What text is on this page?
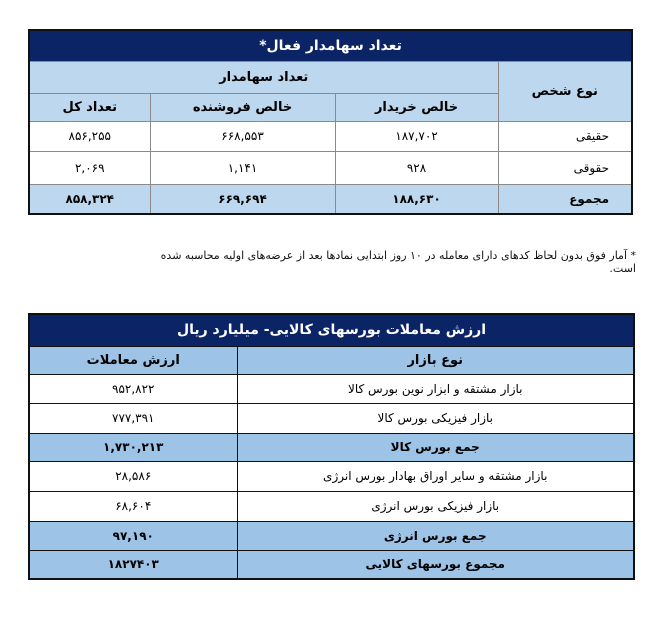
تعداد سهامدار فعال*			
نوع شخص	تعداد سهامدار		
	خالص خریدار	خالص فروشنده	تعداد کل
حقیقی	۱۸۷,۷۰۲	۶۶۸,۵۵۳	۸۵۶,۲۵۵
حقوقی	۹۲۸	۱,۱۴۱	۲,۰۶۹
مجموع	۱۸۸,۶۳۰	۶۶۹,۶۹۴	۸۵۸,۳۲۴
* آمار فوق بدون لحاظ کدهای دارای معامله در ۱۰ روز ابتدایی نمادها بعد از عرضه‌های اولیه محاسبه شده است.
ارزش معاملات بورسهای کالایی- میلیارد ریال	
نوع بازار	ارزش معاملات
بازار مشتقه و ابزار نوین بورس کالا	۹۵۲,۸۲۲
بازار فیزیکی بورس کالا	۷۷۷,۳۹۱
جمع بورس کالا	۱,۷۳۰,۲۱۳
بازار مشتقه و سایر اوراق بهادار بورس انرژی	۲۸,۵۸۶
بازار فیزیکی بورس انرژی	۶۸,۶۰۴
جمع بورس انرژی	۹۷,۱۹۰
مجموع بورسهای کالایی	۱۸۲۷۴۰۳
